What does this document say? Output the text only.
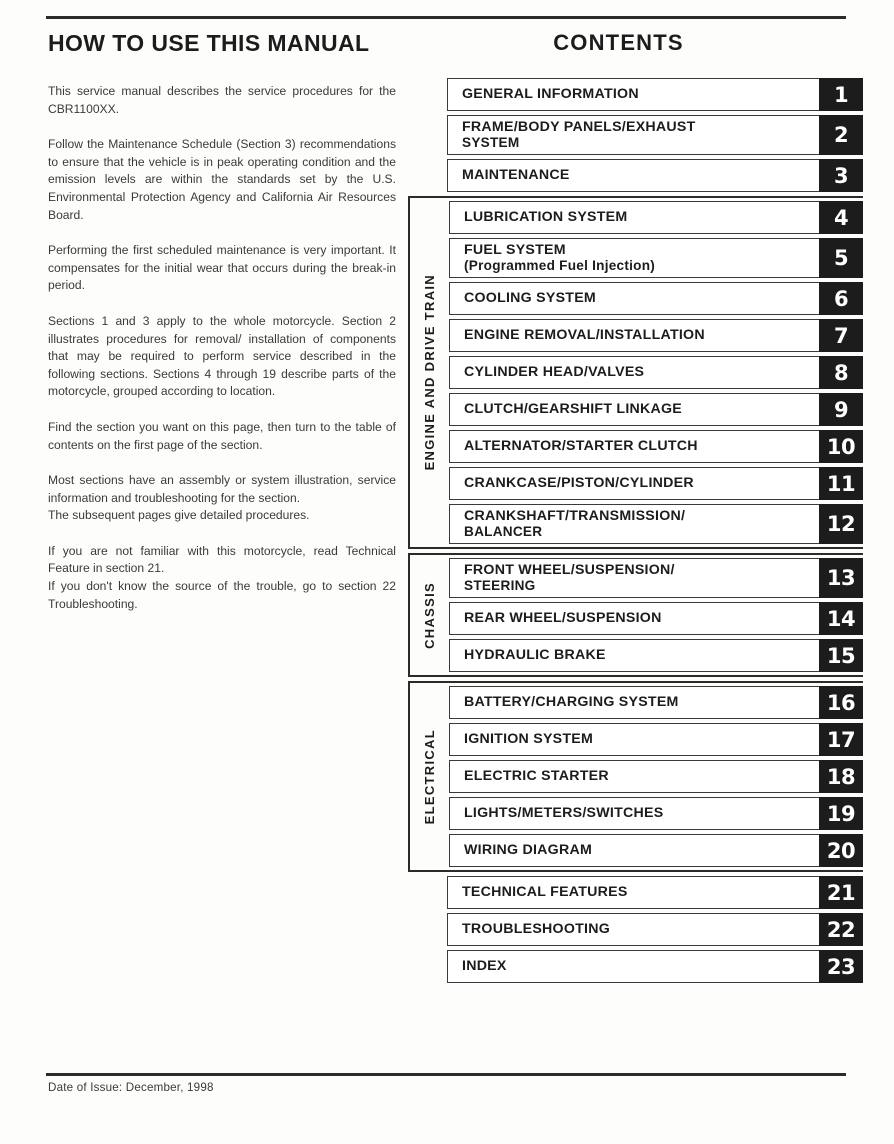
HOW TO USE THIS MANUAL

This service manual describes the service procedures for the CBR1100XX.

Follow the Maintenance Schedule (Section 3) recommendations to ensure that the vehicle is in peak operating condition and the emission levels are within the standards set by the U.S. Environmental Protection Agency and California Air Resources Board.

Performing the first scheduled maintenance is very important. It compensates for the initial wear that occurs during the break-in period.

Sections 1 and 3 apply to the whole motorcycle. Section 2 illustrates procedures for removal/ installation of components that may be required to perform service described in the following sections. Sections 4 through 19 describe parts of the motorcycle, grouped according to location.

Find the section you want on this page, then turn to the table of contents on the first page of the section.

Most sections have an assembly or system illustration, service information and troubleshooting for the section.
The subsequent pages give detailed procedures.

If you are not familiar with this motorcycle, read Technical Feature in section 21.
If you don't know the source of the trouble, go to section 22 Troubleshooting.

CONTENTS
GENERAL INFORMATION	1
FRAME/BODY PANELS/EXHAUST
SYSTEM	2
MAINTENANCE	3
ENGINE AND DRIVE TRAIN
LUBRICATION SYSTEM	4
FUEL SYSTEM
(Programmed Fuel Injection)	5
COOLING SYSTEM	6
ENGINE REMOVAL/INSTALLATION	7
CYLINDER HEAD/VALVES	8
CLUTCH/GEARSHIFT LINKAGE	9
ALTERNATOR/STARTER CLUTCH	10
CRANKCASE/PISTON/CYLINDER	11
CRANKSHAFT/TRANSMISSION/
BALANCER	12
CHASSIS
FRONT WHEEL/SUSPENSION/
STEERING	13
REAR WHEEL/SUSPENSION	14
HYDRAULIC BRAKE	15
ELECTRICAL
BATTERY/CHARGING SYSTEM	16
IGNITION SYSTEM	17
ELECTRIC STARTER	18
LIGHTS/METERS/SWITCHES	19
WIRING DIAGRAM	20
TECHNICAL FEATURES	21
TROUBLESHOOTING	22
INDEX	23
Date of Issue: December, 1998
